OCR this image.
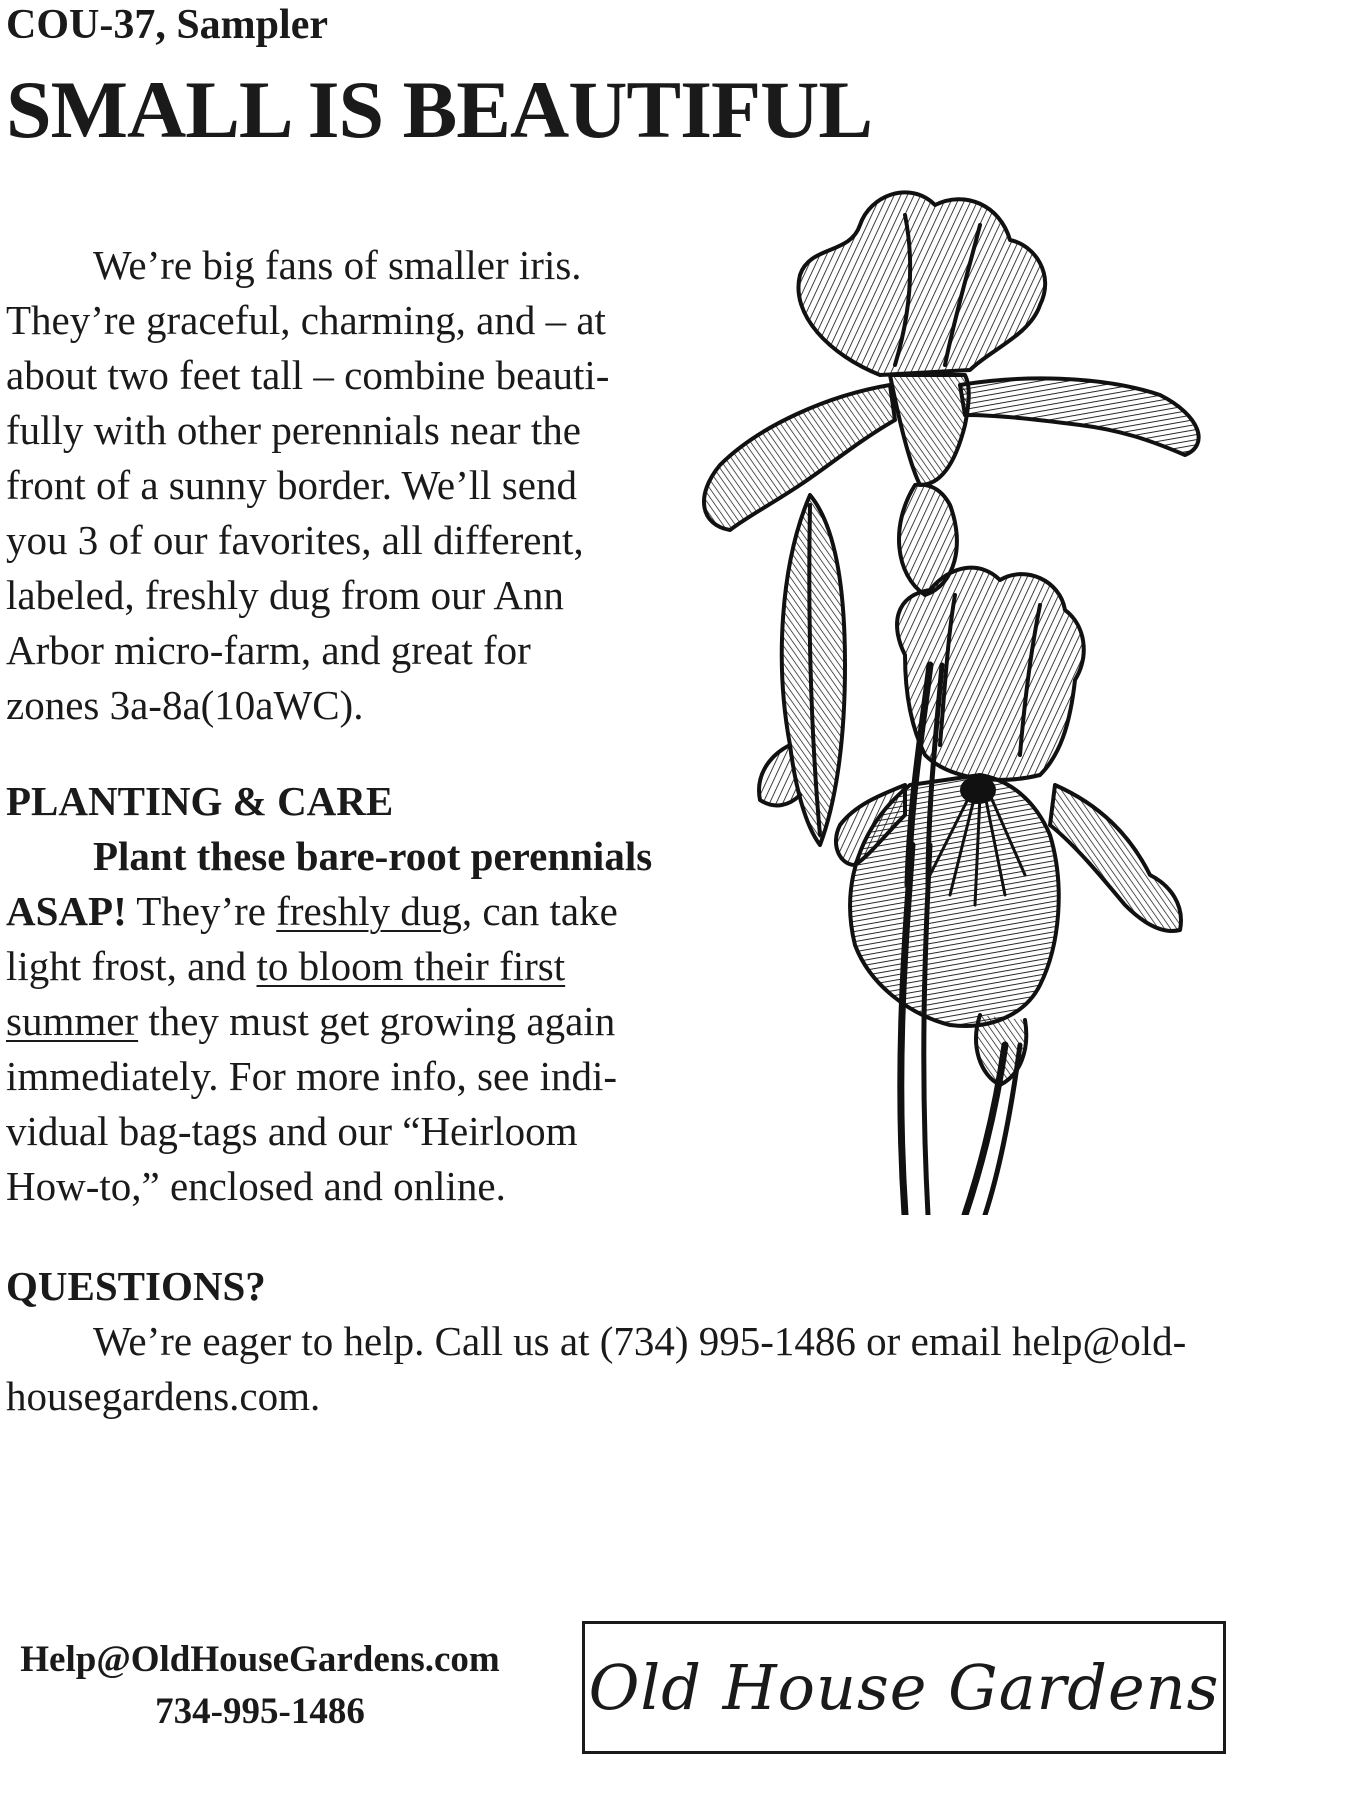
COU-37, Sampler
SMALL IS BEAUTIFUL
We’re big fans of smaller iris.
They’re graceful, charming, and – at
about two feet tall – combine beauti-
fully with other perennials near the
front of a sunny border. We’ll send
you 3 of our favorites, all different,
labeled, freshly dug from our Ann
Arbor micro-farm, and great for
zones 3a-8a(10aWC).
PLANTING & CARE
Plant these bare-root perennials
ASAP! They’re freshly dug, can take
light frost, and to bloom their first
summer they must get growing again
immediately. For more info, see indi-
vidual bag-tags and our “Heirloom
How-to,” enclosed and online.
QUESTIONS?
We’re eager to help. Call us at (734) 995-1486 or email help@old-
housegardens.com.
Help@OldHouseGardens.com
734-995-1486	Old House Gardens
